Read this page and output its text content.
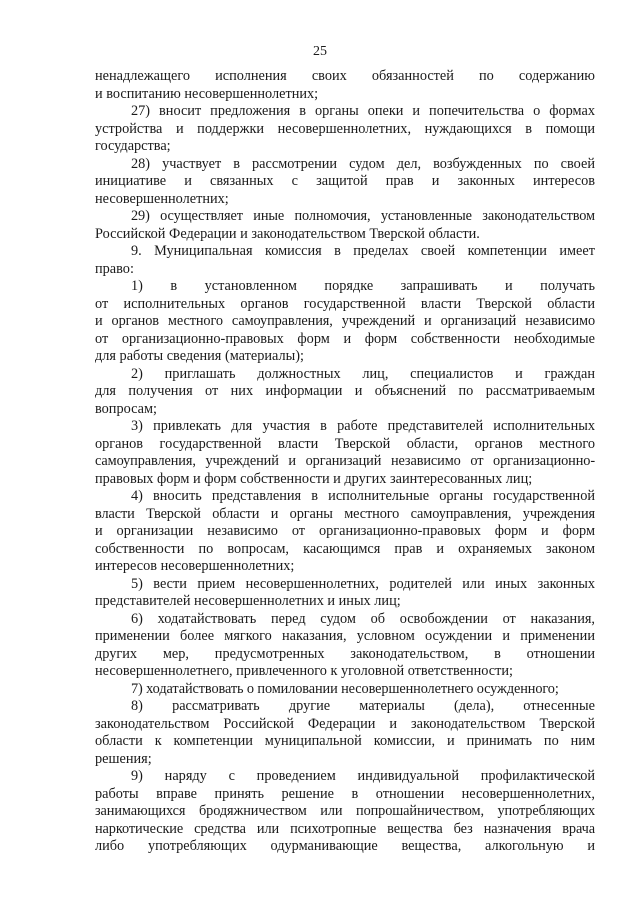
25
ненадлежащего исполнения своих обязанностей по содержанию
и воспитанию несовершеннолетних;
27) вносит предложения в органы опеки и попечительства о формах
устройства и поддержки несовершеннолетних, нуждающихся в помощи
государства;
28) участвует в рассмотрении судом дел, возбужденных по своей
инициативе и связанных с защитой прав и законных интересов
несовершеннолетних;
29) осуществляет иные полномочия, установленные законодательством
Российской Федерации и законодательством Тверской области.
9. Муниципальная комиссия в пределах своей компетенции имеет
право:
1) в установленном порядке запрашивать и получать
от исполнительных органов государственной власти Тверской области
и органов местного самоуправления, учреждений и организаций независимо
от организационно-правовых форм и форм собственности необходимые
для работы сведения (материалы);
2) приглашать должностных лиц, специалистов и граждан
для получения от них информации и объяснений по рассматриваемым
вопросам;
3) привлекать для участия в работе представителей исполнительных
органов государственной власти Тверской области, органов местного
самоуправления, учреждений и организаций независимо от организационно-
правовых форм и форм собственности и других заинтересованных лиц;
4) вносить представления в исполнительные органы государственной
власти Тверской области и органы местного самоуправления, учреждения
и организации независимо от организационно-правовых форм и форм
собственности по вопросам, касающимся прав и охраняемых законом
интересов несовершеннолетних;
5) вести прием несовершеннолетних, родителей или иных законных
представителей несовершеннолетних и иных лиц;
6) ходатайствовать перед судом об освобождении от наказания,
применении более мягкого наказания, условном осуждении и применении
других мер, предусмотренных законодательством, в отношении
несовершеннолетнего, привлеченного к уголовной ответственности;
7) ходатайствовать о помиловании несовершеннолетнего осужденного;
8) рассматривать другие материалы (дела), отнесенные
законодательством Российской Федерации и законодательством Тверской
области к компетенции муниципальной комиссии, и принимать по ним
решения;
9) наряду с проведением индивидуальной профилактической
работы вправе принять решение в отношении несовершеннолетних,
занимающихся бродяжничеством или попрошайничеством, употребляющих
наркотические средства или психотропные вещества без назначения врача
либо употребляющих одурманивающие вещества, алкогольную и
